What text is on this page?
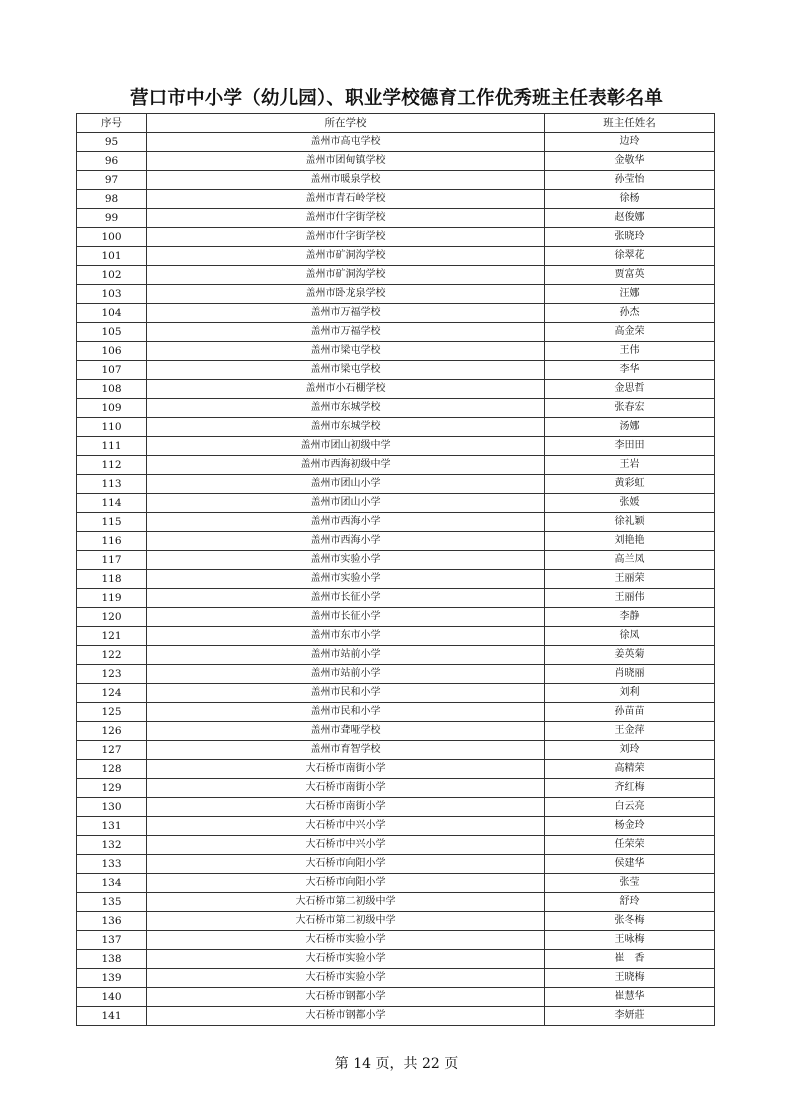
营口市中小学（幼儿园）、职业学校德育工作优秀班主任表彰名单
序号	所在学校	班主任姓名
95	盖州市高屯学校	边玲
96	盖州市团甸镇学校	金敬华
97	盖州市暖泉学校	孙莹怡
98	盖州市青石岭学校	徐杨
99	盖州市什字街学校	赵俊娜
100	盖州市什字街学校	张晓玲
101	盖州市矿洞沟学校	徐翠花
102	盖州市矿洞沟学校	贾富英
103	盖州市卧龙泉学校	汪娜
104	盖州市万福学校	孙杰
105	盖州市万福学校	高金荣
106	盖州市梁屯学校	王伟
107	盖州市梁屯学校	李华
108	盖州市小石棚学校	金思哲
109	盖州市东城学校	张春宏
110	盖州市东城学校	汤娜
111	盖州市团山初级中学	李田田
112	盖州市西海初级中学	王岩
113	盖州市团山小学	黄彩虹
114	盖州市团山小学	张媛
115	盖州市西海小学	徐礼颖
116	盖州市西海小学	刘艳艳
117	盖州市实验小学	高兰凤
118	盖州市实验小学	王丽荣
119	盖州市长征小学	王丽伟
120	盖州市长征小学	李静
121	盖州市东市小学	徐凤
122	盖州市站前小学	姜英菊
123	盖州市站前小学	肖晓丽
124	盖州市民和小学	刘利
125	盖州市民和小学	孙苗苗
126	盖州市聋哑学校	王金萍
127	盖州市育智学校	刘玲
128	大石桥市南街小学	高精荣
129	大石桥市南街小学	齐红梅
130	大石桥市南街小学	白云亮
131	大石桥市中兴小学	杨金玲
132	大石桥市中兴小学	任荣荣
133	大石桥市向阳小学	侯建华
134	大石桥市向阳小学	张莹
135	大石桥市第二初级中学	舒玲
136	大石桥市第二初级中学	张冬梅
137	大石桥市实验小学	王咏梅
138	大石桥市实验小学	崔　香
139	大石桥市实验小学	王晓梅
140	大石桥市钢都小学	崔慧华
141	大石桥市钢都小学	李妍莊
第 14 页，共 22 页
